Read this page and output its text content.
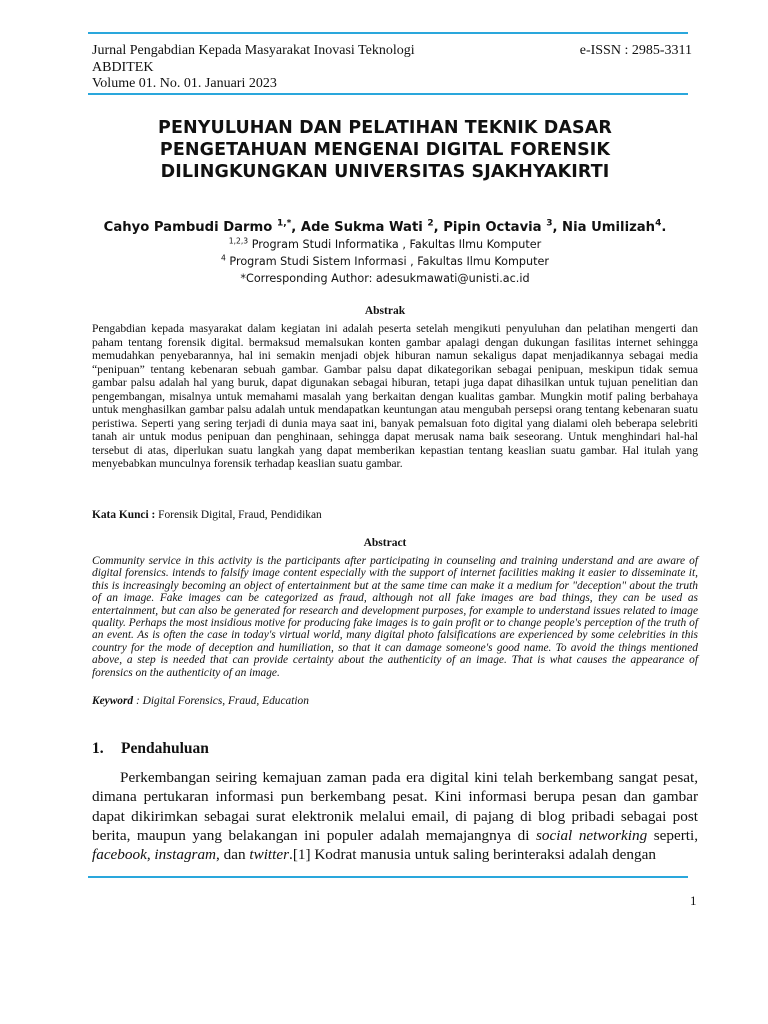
Jurnal Pengabdian Kepada Masyarakat Inovasi Teknologi	e-ISSN : 2985-3311
ABDITEK
Volume 01. No. 01. Januari 2023
PENYULUHAN DAN PELATIHAN TEKNIK DASAR
PENGETAHUAN MENGENAI DIGITAL FORENSIK
DILINGKUNGKAN UNIVERSITAS SJAKHYAKIRTI
Cahyo Pambudi Darmo $^{1,*}$, Ade Sukma Wati $^2$, Pipin Octavia $^3$, Nia Umilizah$^4$.
$^{1,2,3}$ Program Studi Informatika , Fakultas Ilmu Komputer
$^4$ Program Studi Sistem Informasi , Fakultas Ilmu Komputer
*Corresponding Author: adesukmawati@unisti.ac.id
Abstrak
Pengabdian kepada masyarakat dalam kegiatan ini adalah peserta setelah mengikuti penyuluhan dan pelatihan mengerti dan paham tentang forensik digital. bermaksud memalsukan konten gambar apalagi dengan dukungan fasilitas internet sehingga memudahkan penyebarannya, hal ini semakin menjadi objek hiburan namun sekaligus dapat menjadikannya sebagai media “penipuan” tentang kebenaran sebuah gambar. Gambar palsu dapat dikategorikan sebagai penipuan, meskipun tidak semua gambar palsu adalah hal yang buruk, dapat digunakan sebagai hiburan, tetapi juga dapat dihasilkan untuk tujuan penelitian dan pengembangan, misalnya untuk memahami masalah yang berkaitan dengan kualitas gambar. Mungkin motif paling berbahaya untuk menghasilkan gambar palsu adalah untuk mendapatkan keuntungan atau mengubah persepsi orang tentang kebenaran suatu peristiwa. Seperti yang sering terjadi di dunia maya saat ini, banyak pemalsuan foto digital yang dialami oleh beberapa selebriti tanah air untuk modus penipuan dan penghinaan, sehingga dapat merusak nama baik seseorang. Untuk menghindari hal-hal tersebut di atas, diperlukan suatu langkah yang dapat memberikan kepastian tentang keaslian suatu gambar. Hal itulah yang menyebabkan munculnya forensik terhadap keaslian suatu gambar.
Kata Kunci : Forensik Digital, Fraud, Pendidikan
Abstract
Community service in this activity is the participants after participating in counseling and training understand and are aware of digital forensics. intends to falsify image content especially with the support of internet facilities making it easier to disseminate it, this is increasingly becoming an object of entertainment but at the same time can make it a medium for "deception" about the truth of an image. Fake images can be categorized as fraud, although not all fake images are bad things, they can be used as entertainment, but can also be generated for research and development purposes, for example to understand issues related to image quality. Perhaps the most insidious motive for producing fake images is to gain profit or to change people's perception of the truth of an event. As is often the case in today's virtual world, many digital photo falsifications are experienced by some celebrities in this country for the mode of deception and humiliation, so that it can damage someone's good name. To avoid the things mentioned above, a step is needed that can provide certainty about the authenticity of an image. That is what causes the appearance of forensics on the authenticity of an image.
Keyword : Digital Forensics, Fraud, Education
1. Pendahuluan
Perkembangan seiring kemajuan zaman pada era digital kini telah berkembang sangat pesat, dimana pertukaran informasi pun berkembang pesat. Kini informasi berupa pesan dan gambar dapat dikirimkan sebagai surat elektronik melalui email, di pajang di blog pribadi sebagai post berita, maupun yang belakangan ini populer adalah memajangnya di social networking seperti, facebook, instagram, dan twitter.[1] Kodrat manusia untuk saling berinteraksi adalah dengan
1
